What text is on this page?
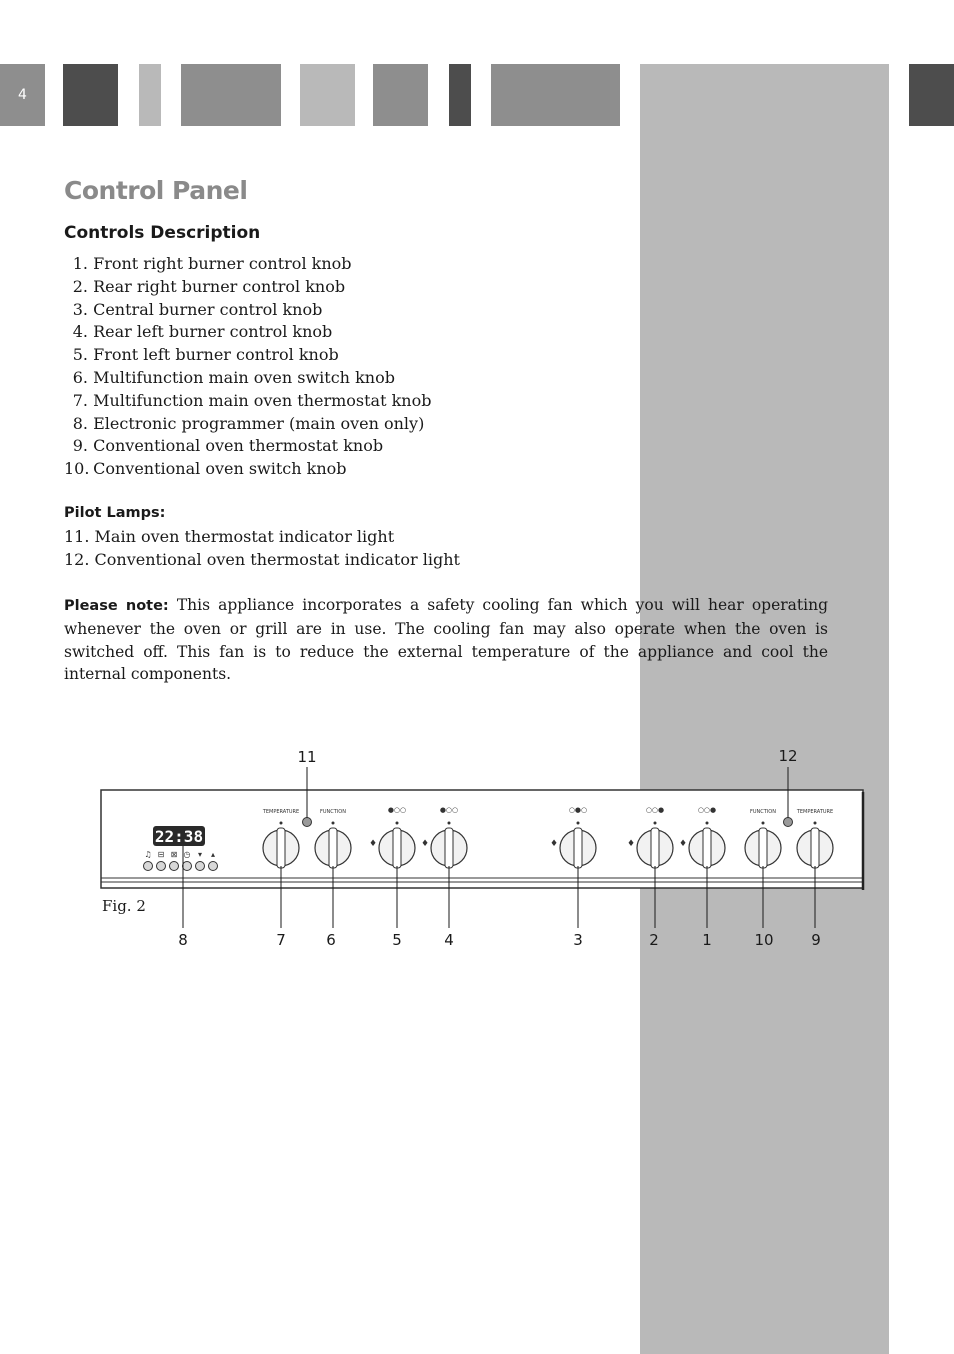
4
Control Panel
Controls Description
1. Front right burner control knob
2. Rear right burner control knob
3. Central burner control knob
4. Rear left burner control knob
5. Front left burner control knob
6. Multifunction main oven switch knob
7. Multifunction main oven thermostat knob
8. Electronic programmer (main oven only)
9. Conventional oven thermostat knob
10. Conventional oven switch knob
Pilot Lamps:
11. Main oven thermostat indicator light
12. Conventional oven thermostat indicator light

Please note: This appliance incorporates a safety cooling fan which you will hear operating whenever the oven or grill are in use. The cooling fan may also operate when the oven is switched off. This fan is to reduce the external temperature of the appliance and cool the internal components.

22:38
♫ ⊟ ⊠ ◷ ▾ ▴
TEMPERATURE	FUNCTION	FUNCTION	TEMPERATURE
●○○	●○○	○●○	○○●	○○●
♦	♦	♦	♦	♦
Fig. 2
11	12
8	7	6	5	4	3	2	1	10	9
